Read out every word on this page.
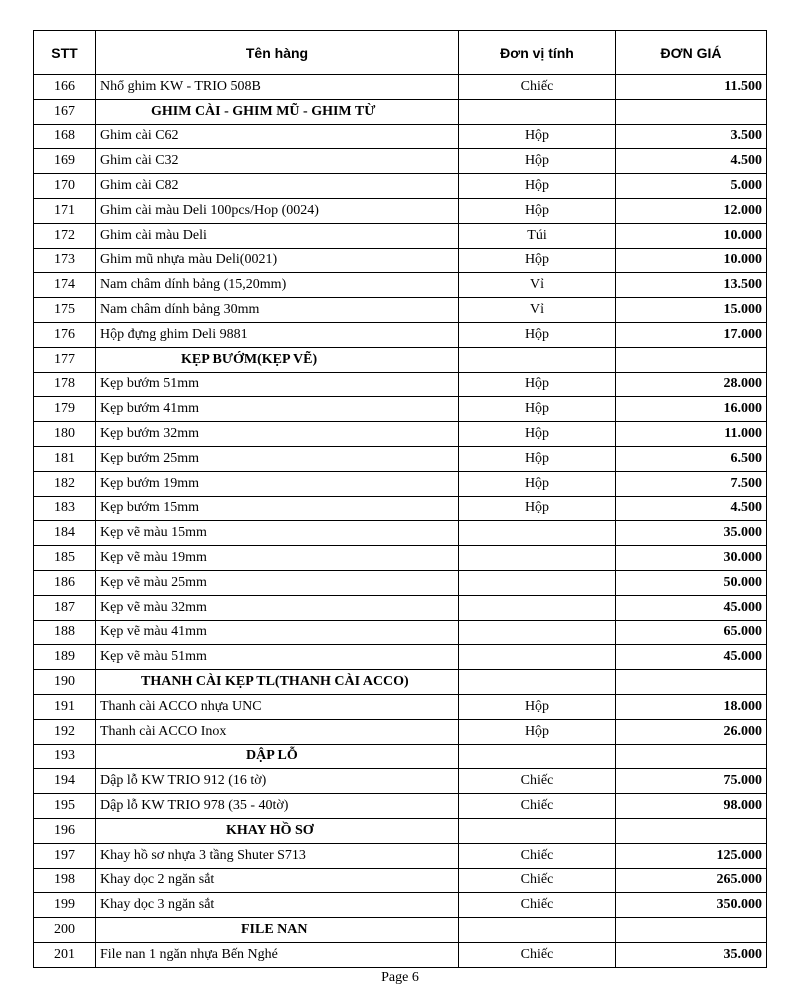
STT	Tên hàng	Đơn vị tính	ĐƠN GIÁ
166	Nhổ ghim KW - TRIO 508B	Chiếc	11.500
167	GHIM CÀI - GHIM MŨ - GHIM TỪ		
168	Ghim cài C62	Hộp	3.500
169	Ghim cài C32	Hộp	4.500
170	Ghim cài C82	Hộp	5.000
171	Ghim cài màu Deli 100pcs/Hop (0024)	Hộp	12.000
172	Ghim cài màu Deli	Túi	10.000
173	Ghim mũ nhựa màu Deli(0021)	Hộp	10.000
174	Nam châm dính bảng (15,20mm)	Vỉ	13.500
175	Nam châm dính bảng 30mm	Vỉ	15.000
176	Hộp đựng ghim Deli 9881	Hộp	17.000
177	KẸP BƯỚM(KẸP VẼ)		
178	Kẹp bướm 51mm	Hộp	28.000
179	Kẹp bướm 41mm	Hộp	16.000
180	Kẹp bướm 32mm	Hộp	11.000
181	Kẹp bướm 25mm	Hộp	6.500
182	Kẹp bướm 19mm	Hộp	7.500
183	Kẹp bướm 15mm	Hộp	4.500
184	Kẹp vẽ màu 15mm		35.000
185	Kẹp vẽ màu 19mm		30.000
186	Kẹp vẽ màu 25mm		50.000
187	Kẹp vẽ màu 32mm		45.000
188	Kẹp vẽ màu 41mm		65.000
189	Kẹp vẽ màu 51mm		45.000
190	THANH CÀI KẸP TL(THANH CÀI ACCO)		
191	Thanh cài ACCO nhựa UNC	Hộp	18.000
192	Thanh cài ACCO Inox	Hộp	26.000
193	DẬP LỖ		
194	Dập lỗ KW TRIO 912 (16 tờ)	Chiếc	75.000
195	Dập lỗ KW TRIO 978 (35 - 40tờ)	Chiếc	98.000
196	KHAY HỒ SƠ		
197	Khay hồ sơ nhựa 3 tầng Shuter S713	Chiếc	125.000
198	Khay dọc 2 ngăn sắt	Chiếc	265.000
199	Khay dọc 3 ngăn sắt	Chiếc	350.000
200	FILE NAN		
201	File nan 1 ngăn nhựa Bến Nghé	Chiếc	35.000
Page 6
